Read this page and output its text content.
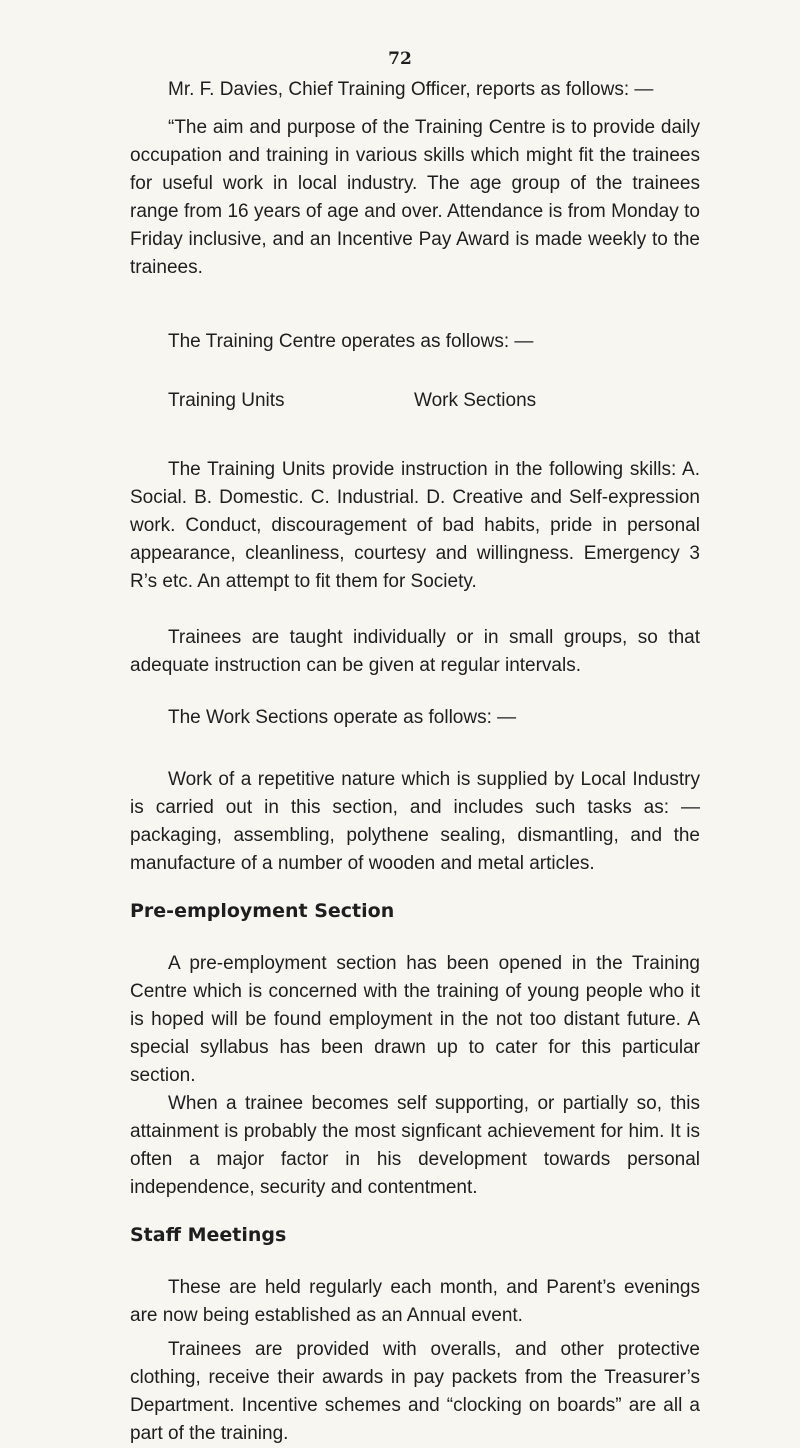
72

Mr. F. Davies, Chief Training Officer, reports as follows: —

“The aim and purpose of the Training Centre is to provide daily occupation and training in various skills which might fit the trainees for useful work in local industry. The age group of the trainees range from 16 years of age and over. Attendance is from Monday to Friday inclusive, and an Incentive Pay Award is made weekly to the trainees.

The Training Centre operates as follows: —

Training Units	Work Sections

The Training Units provide instruction in the following skills: A. Social. B. Domestic. C. Industrial. D. Creative and Self-expression work. Conduct, discouragement of bad habits, pride in personal appearance, cleanliness, courtesy and willingness. Emergency 3 R’s etc. An attempt to fit them for Society.

Trainees are taught individually or in small groups, so that adequate instruction can be given at regular intervals.

The Work Sections operate as follows: —

Work of a repetitive nature which is supplied by Local Industry is carried out in this section, and includes such tasks as: — packaging, assembling, polythene sealing, dismantling, and the manufacture of a number of wooden and metal articles.

Pre-employment Section

A pre-employment section has been opened in the Training Centre which is concerned with the training of young people who it is hoped will be found employment in the not too distant future. A special syllabus has been drawn up to cater for this particular section.

When a trainee becomes self supporting, or partially so, this attainment is probably the most signficant achievement for him. It is often a major factor in his development towards personal independence, security and contentment.

Staff Meetings

These are held regularly each month, and Parent’s evenings are now being established as an Annual event.

Trainees are provided with overalls, and other protective clothing, receive their awards in pay packets from the Treasurer’s Department. Incentive schemes and “clocking on boards” are all a part of the training.
